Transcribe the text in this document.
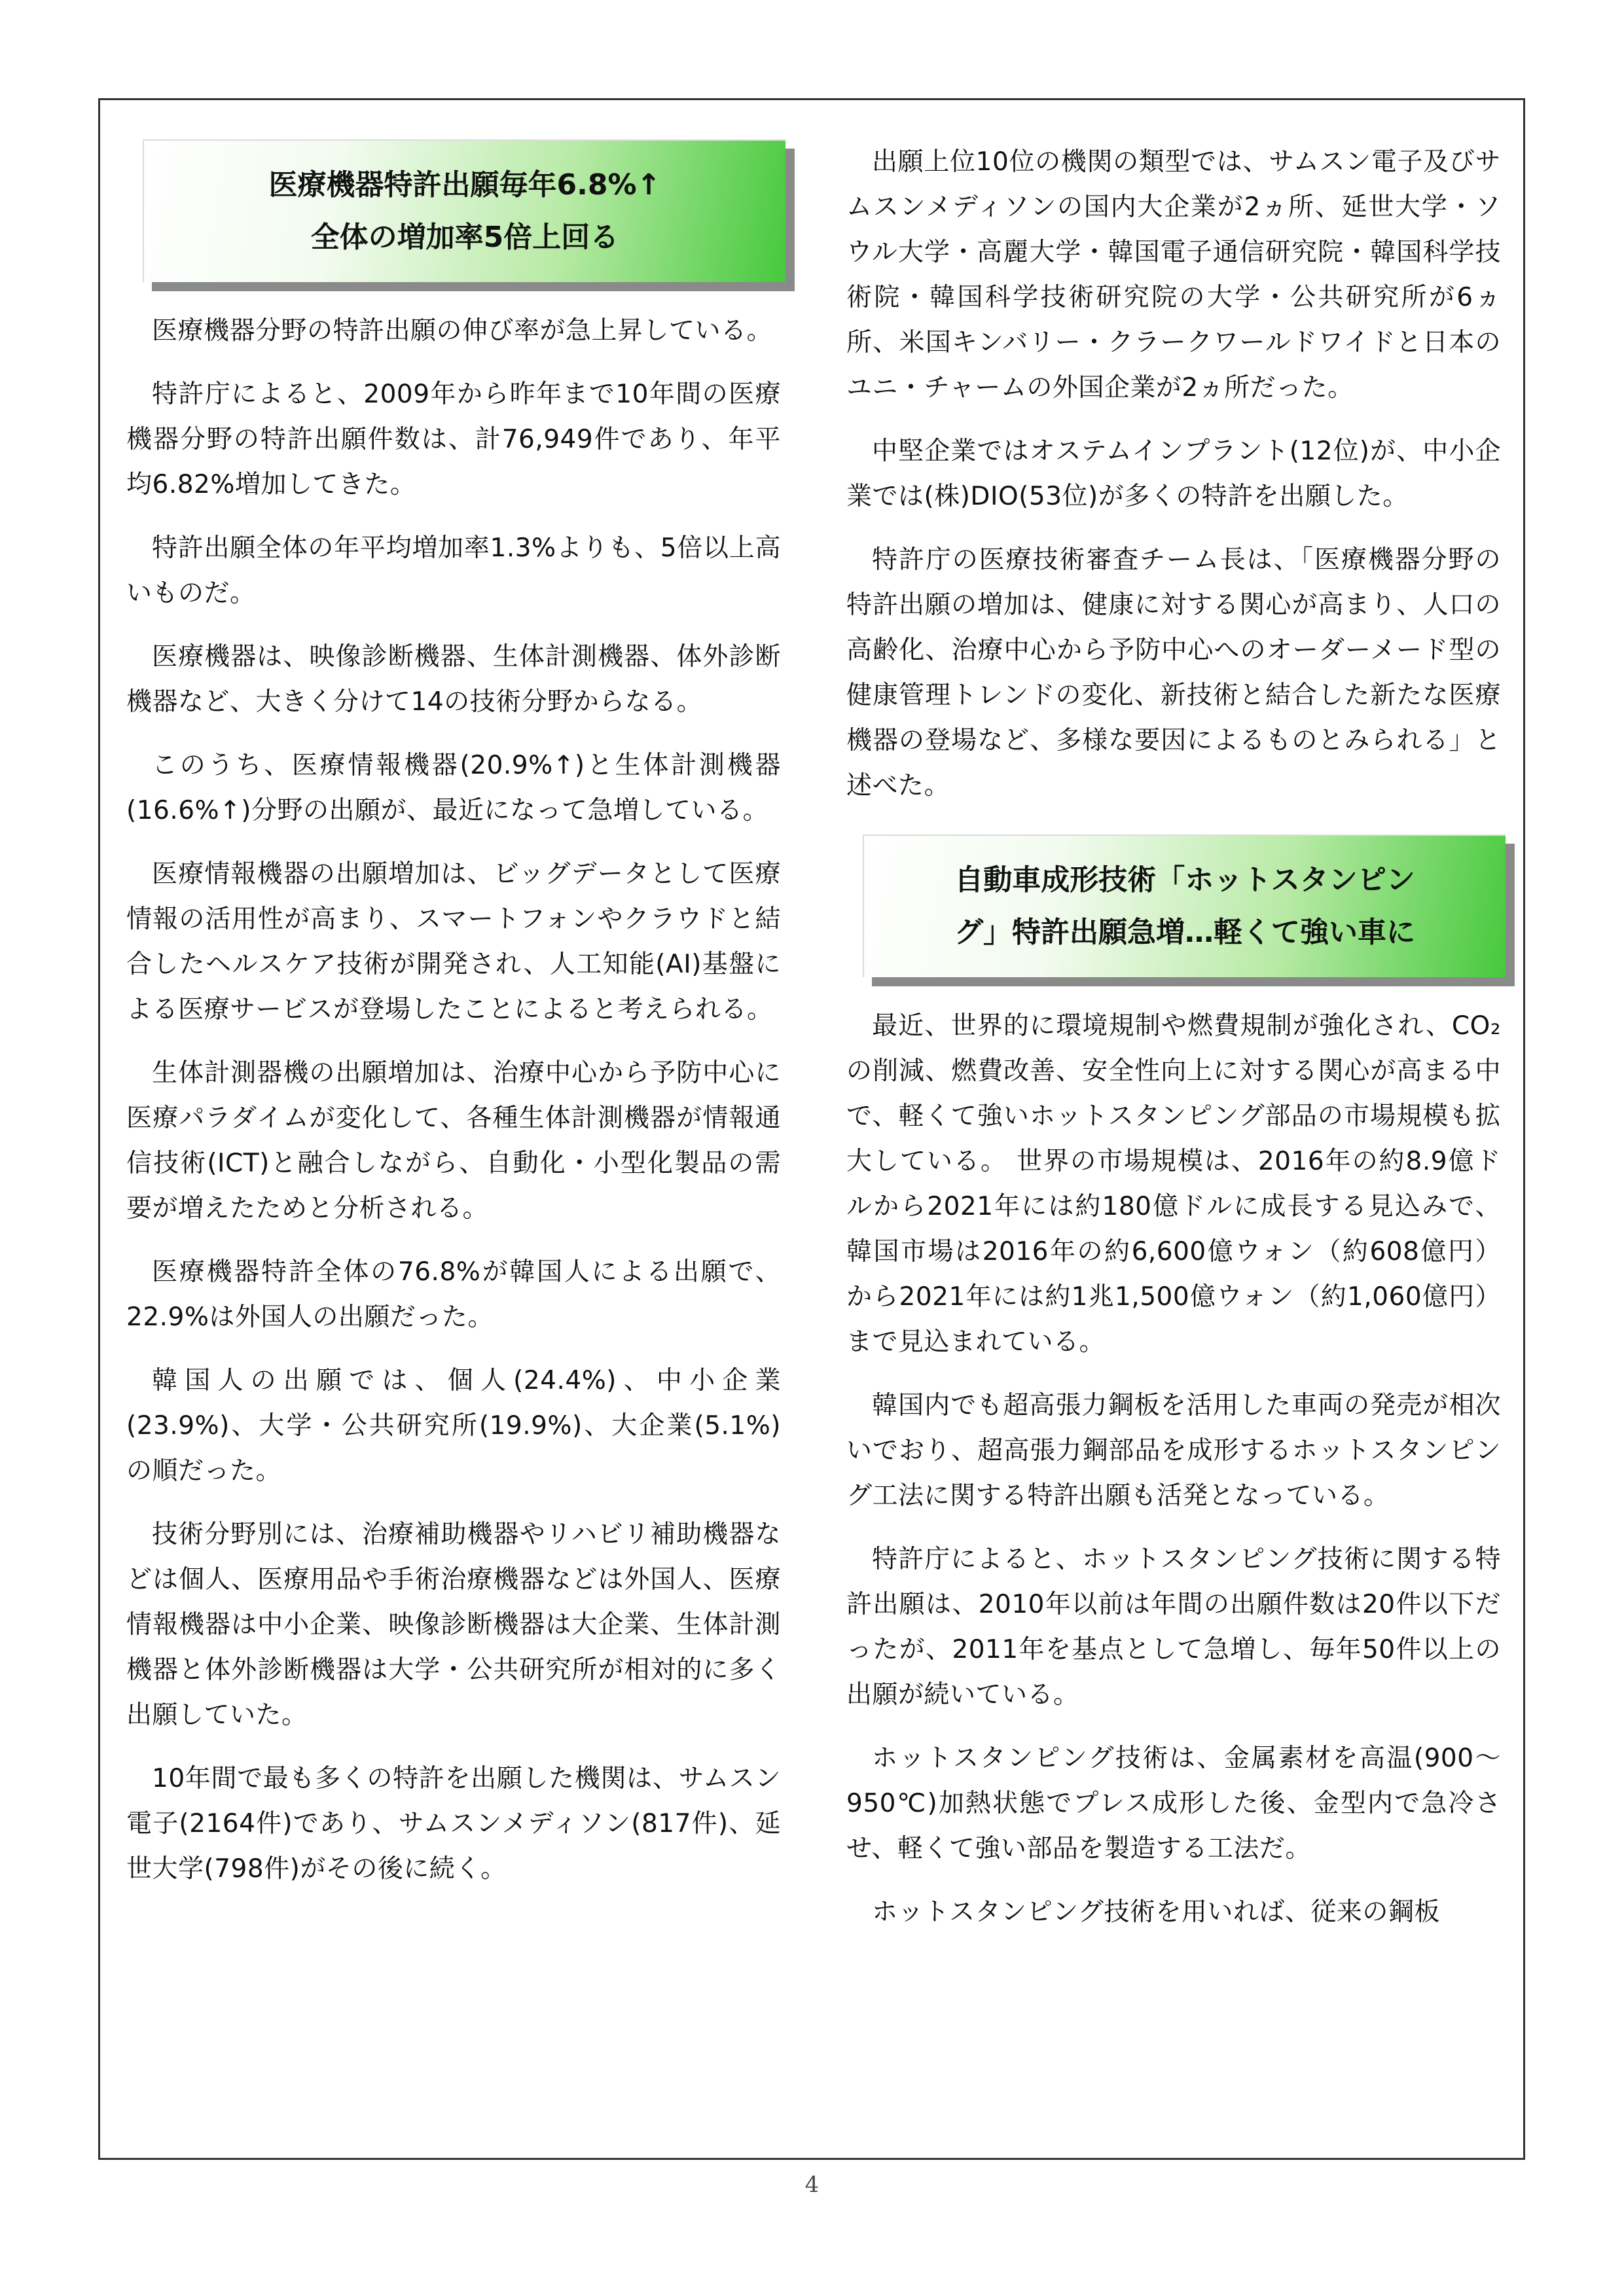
医療機器特許出願毎年6.8%↑
全体の増加率5倍上回る

医療機器分野の特許出願の伸び率が急上昇している。

特許庁によると、2009年から昨年まで10年間の医療機器分野の特許出願件数は、計76,949件であり、年平均6.82%増加してきた。

特許出願全体の年平均増加率1.3%よりも、5倍以上高いものだ。

医療機器は、映像診断機器、生体計測機器、体外診断機器など、大きく分けて14の技術分野からなる。

このうち、医療情報機器(20.9%↑)と生体計測機器(16.6%↑)分野の出願が、最近になって急増している。

医療情報機器の出願増加は、ビッグデータとして医療情報の活用性が高まり、スマートフォンやクラウドと結合したヘルスケア技術が開発され、人工知能(AI)基盤による医療サービスが登場したことによると考えられる。

生体計測器機の出願増加は、治療中心から予防中心に医療パラダイムが変化して、各種生体計測機器が情報通信技術(ICT)と融合しながら、自動化・小型化製品の需要が増えたためと分析される。

医療機器特許全体の76.8%が韓国人による出願で、22.9%は外国人の出願だった。

韓国人の出願では、個人(24.4%)、中小企業(23.9%)、大学・公共研究所(19.9%)、大企業(5.1%)の順だった。

技術分野別には、治療補助機器やリハビリ補助機器などは個人、医療用品や手術治療機器などは外国人、医療情報機器は中小企業、映像診断機器は大企業、生体計測機器と体外診断機器は大学・公共研究所が相対的に多く出願していた。

10年間で最も多くの特許を出願した機関は、サムスン電子(2164件)であり、サムスンメディソン(817件)、延世大学(798件)がその後に続く。

出願上位10位の機関の類型では、サムスン電子及びサムスンメディソンの国内大企業が2ヵ所、延世大学・ソウル大学・高麗大学・韓国電子通信研究院・韓国科学技術院・韓国科学技術研究院の大学・公共研究所が6ヵ所、米国キンバリー・クラークワールドワイドと日本のユニ・チャームの外国企業が2ヵ所だった。

中堅企業ではオステムインプラント(12位)が、中小企業では(株)DIO(53位)が多くの特許を出願した。

特許庁の医療技術審査チーム長は、「医療機器分野の特許出願の増加は、健康に対する関心が高まり、人口の高齢化、治療中心から予防中心へのオーダーメード型の健康管理トレンドの変化、新技術と結合した新たな医療機器の登場など、多様な要因によるものとみられる」と述べた。

自動車成形技術「ホットスタンピン
グ」特許出願急増…軽くて強い車に

最近、世界的に環境規制や燃費規制が強化され、CO₂の削減、燃費改善、安全性向上に対する関心が高まる中で、軽くて強いホットスタンピング部品の市場規模も拡大している。 世界の市場規模は、2016年の約8.9億ドルから2021年には約180億ドルに成長する見込みで、韓国市場は2016年の約6,600億ウォン（約608億円）から2021年には約1兆1,500億ウォン（約1,060億円）まで見込まれている。

韓国内でも超高張力鋼板を活用した車両の発売が相次いでおり、超高張力鋼部品を成形するホットスタンピング工法に関する特許出願も活発となっている。

特許庁によると、ホットスタンピング技術に関する特許出願は、2010年以前は年間の出願件数は20件以下だったが、2011年を基点として急増し、毎年50件以上の出願が続いている。

ホットスタンピング技術は、金属素材を高温(900～950℃)加熱状態でプレス成形した後、金型内で急冷させ、軽くて強い部品を製造する工法だ。

ホットスタンピング技術を用いれば、従来の鋼板

4
